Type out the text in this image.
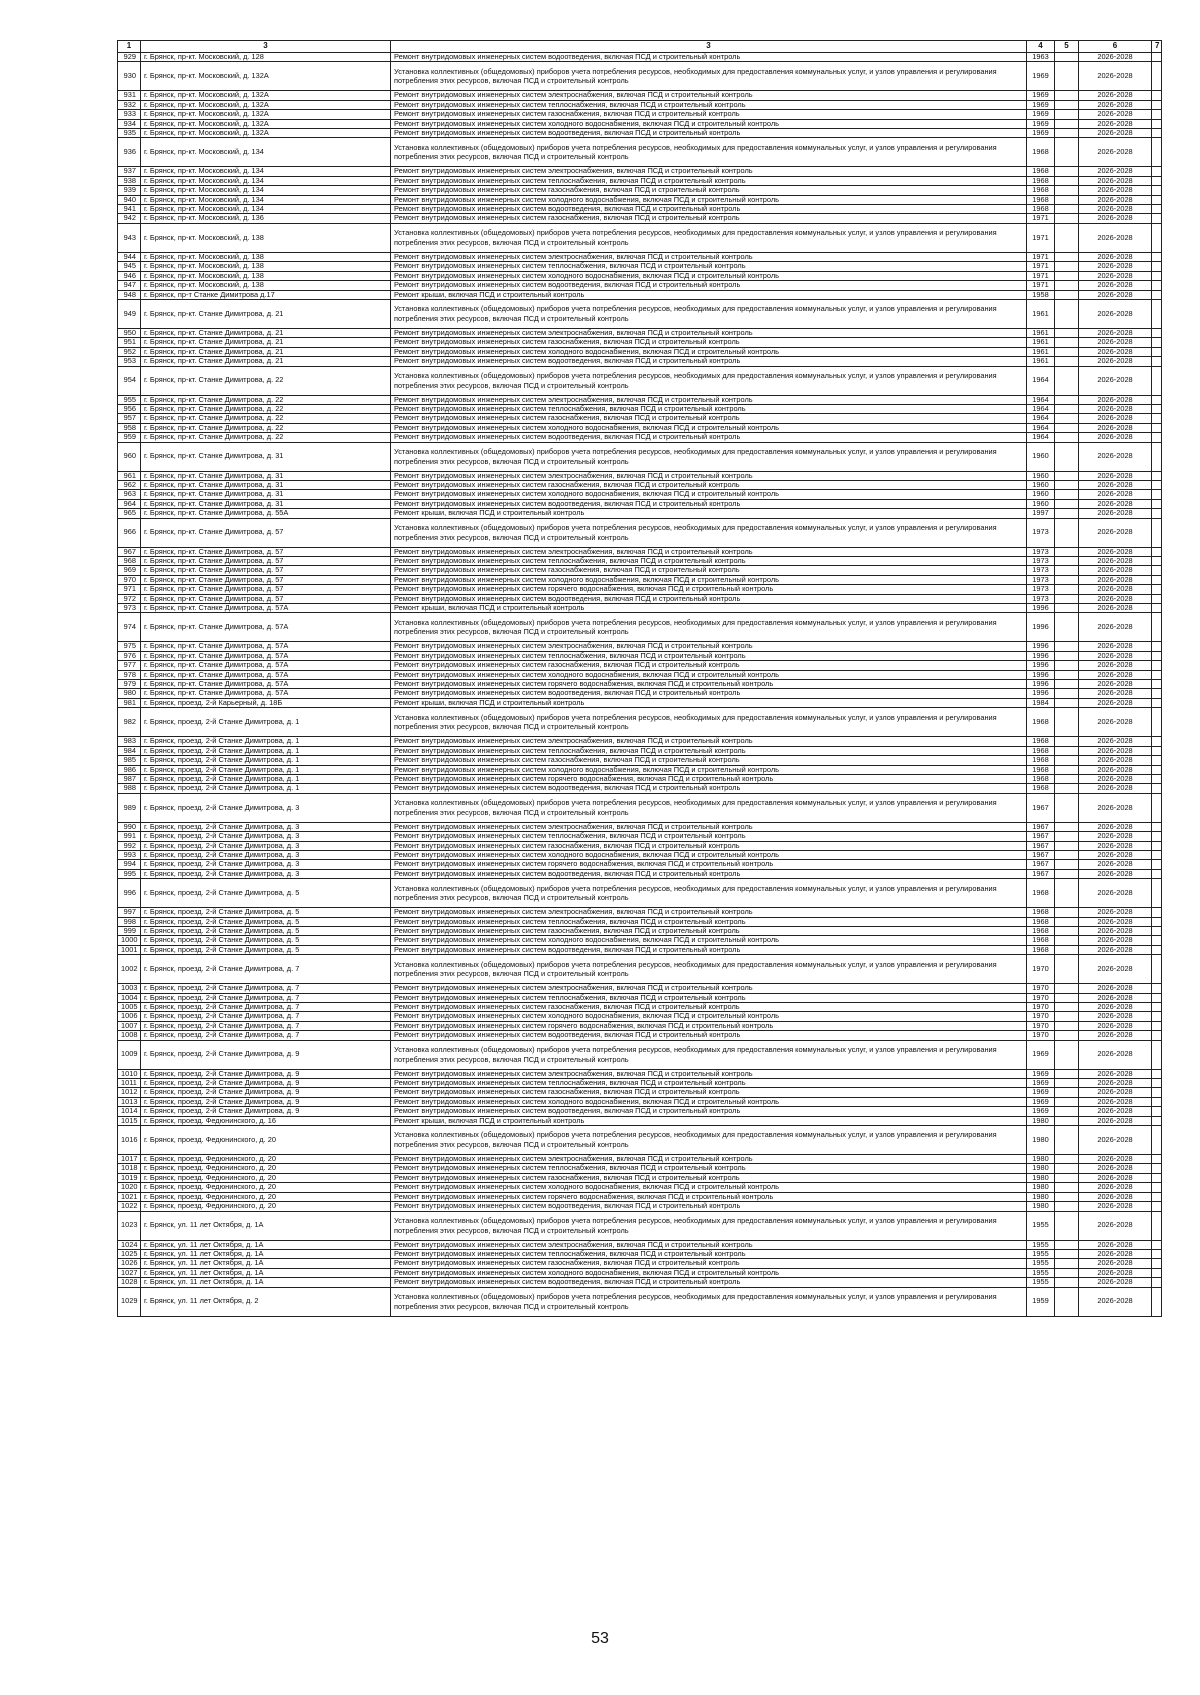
1	3	3	4	5	6	7
929	г. Брянск, пр-кт. Московский, д. 128	Ремонт внутридомовых инженерных систем водоотведения, включая ПСД и строительный контроль	1963		2026-2028	
930	г. Брянск, пр-кт. Московский, д. 132А	Установка коллективных (общедомовых) приборов учета потребления ресурсов, необходимых для предоставления коммунальных услуг, и узлов управления и регулирования потребления этих ресурсов, включая ПСД и строительный контроль	1969		2026-2028	
931	г. Брянск, пр-кт. Московский, д. 132А	Ремонт внутридомовых инженерных систем электроснабжения, включая ПСД и строительный контроль	1969		2026-2028	
932	г. Брянск, пр-кт. Московский, д. 132А	Ремонт внутридомовых инженерных систем теплоснабжения, включая ПСД и строительный контроль	1969		2026-2028	
933	г. Брянск, пр-кт. Московский, д. 132А	Ремонт внутридомовых инженерных систем газоснабжения, включая ПСД и строительный контроль	1969		2026-2028	
934	г. Брянск, пр-кт. Московский, д. 132А	Ремонт внутридомовых инженерных систем холодного водоснабжения, включая ПСД и строительный контроль	1969		2026-2028	
935	г. Брянск, пр-кт. Московский, д. 132А	Ремонт внутридомовых инженерных систем водоотведения, включая ПСД и строительный контроль	1969		2026-2028	
936	г. Брянск, пр-кт. Московский, д. 134	Установка коллективных (общедомовых) приборов учета потребления ресурсов, необходимых для предоставления коммунальных услуг, и узлов управления и регулирования потребления этих ресурсов, включая ПСД и строительный контроль	1968		2026-2028	
937	г. Брянск, пр-кт. Московский, д. 134	Ремонт внутридомовых инженерных систем электроснабжения, включая ПСД и строительный контроль	1968		2026-2028	
938	г. Брянск, пр-кт. Московский, д. 134	Ремонт внутридомовых инженерных систем теплоснабжения, включая ПСД и строительный контроль	1968		2026-2028	
939	г. Брянск, пр-кт. Московский, д. 134	Ремонт внутридомовых инженерных систем газоснабжения, включая ПСД и строительный контроль	1968		2026-2028	
940	г. Брянск, пр-кт. Московский, д. 134	Ремонт внутридомовых инженерных систем холодного водоснабжения, включая ПСД и строительный контроль	1968		2026-2028	
941	г. Брянск, пр-кт. Московский, д. 134	Ремонт внутридомовых инженерных систем водоотведения, включая ПСД и строительный контроль	1968		2026-2028	
942	г. Брянск, пр-кт. Московский, д. 136	Ремонт внутридомовых инженерных систем газоснабжения, включая ПСД и строительный контроль	1971		2026-2028	
943	г. Брянск, пр-кт. Московский, д. 138	Установка коллективных (общедомовых) приборов учета потребления ресурсов, необходимых для предоставления коммунальных услуг, и узлов управления и регулирования потребления этих ресурсов, включая ПСД и строительный контроль	1971		2026-2028	
944	г. Брянск, пр-кт. Московский, д. 138	Ремонт внутридомовых инженерных систем электроснабжения, включая ПСД и строительный контроль	1971		2026-2028	
945	г. Брянск, пр-кт. Московский, д. 138	Ремонт внутридомовых инженерных систем теплоснабжения, включая ПСД и строительный контроль	1971		2026-2028	
946	г. Брянск, пр-кт. Московский, д. 138	Ремонт внутридомовых инженерных систем холодного водоснабжения, включая ПСД и строительный контроль	1971		2026-2028	
947	г. Брянск, пр-кт. Московский, д. 138	Ремонт внутридомовых инженерных систем водоотведения, включая ПСД и строительный контроль	1971		2026-2028	
948	г. Брянск, пр-т Станке Димитрова д.17	Ремонт крыши, включая ПСД и строительный контроль	1958		2026-2028	
949	г. Брянск, пр-кт. Станке Димитрова, д. 21	Установка коллективных (общедомовых) приборов учета потребления ресурсов, необходимых для предоставления коммунальных услуг, и узлов управления и регулирования потребления этих ресурсов, включая ПСД и строительный контроль	1961		2026-2028	
950	г. Брянск, пр-кт. Станке Димитрова, д. 21	Ремонт внутридомовых инженерных систем электроснабжения, включая ПСД и строительный контроль	1961		2026-2028	
951	г. Брянск, пр-кт. Станке Димитрова, д. 21	Ремонт внутридомовых инженерных систем газоснабжения, включая ПСД и строительный контроль	1961		2026-2028	
952	г. Брянск, пр-кт. Станке Димитрова, д. 21	Ремонт внутридомовых инженерных систем холодного водоснабжения, включая ПСД и строительный контроль	1961		2026-2028	
953	г. Брянск, пр-кт. Станке Димитрова, д. 21	Ремонт внутридомовых инженерных систем водоотведения, включая ПСД и строительный контроль	1961		2026-2028	
954	г. Брянск, пр-кт. Станке Димитрова, д. 22	Установка коллективных (общедомовых) приборов учета потребления ресурсов, необходимых для предоставления коммунальных услуг, и узлов управления и регулирования потребления этих ресурсов, включая ПСД и строительный контроль	1964		2026-2028	
955	г. Брянск, пр-кт. Станке Димитрова, д. 22	Ремонт внутридомовых инженерных систем электроснабжения, включая ПСД и строительный контроль	1964		2026-2028	
956	г. Брянск, пр-кт. Станке Димитрова, д. 22	Ремонт внутридомовых инженерных систем теплоснабжения, включая ПСД и строительный контроль	1964		2026-2028	
957	г. Брянск, пр-кт. Станке Димитрова, д. 22	Ремонт внутридомовых инженерных систем газоснабжения, включая ПСД и строительный контроль	1964		2026-2028	
958	г. Брянск, пр-кт. Станке Димитрова, д. 22	Ремонт внутридомовых инженерных систем холодного водоснабжения, включая ПСД и строительный контроль	1964		2026-2028	
959	г. Брянск, пр-кт. Станке Димитрова, д. 22	Ремонт внутридомовых инженерных систем водоотведения, включая ПСД и строительный контроль	1964		2026-2028	
960	г. Брянск, пр-кт. Станке Димитрова, д. 31	Установка коллективных (общедомовых) приборов учета потребления ресурсов, необходимых для предоставления коммунальных услуг, и узлов управления и регулирования потребления этих ресурсов, включая ПСД и строительный контроль	1960		2026-2028	
961	г. Брянск, пр-кт. Станке Димитрова, д. 31	Ремонт внутридомовых инженерных систем электроснабжения, включая ПСД и строительный контроль	1960		2026-2028	
962	г. Брянск, пр-кт. Станке Димитрова, д. 31	Ремонт внутридомовых инженерных систем газоснабжения, включая ПСД и строительный контроль	1960		2026-2028	
963	г. Брянск, пр-кт. Станке Димитрова, д. 31	Ремонт внутридомовых инженерных систем холодного водоснабжения, включая ПСД и строительный контроль	1960		2026-2028	
964	г. Брянск, пр-кт. Станке Димитрова, д. 31	Ремонт внутридомовых инженерных систем водоотведения, включая ПСД и строительный контроль	1960		2026-2028	
965	г. Брянск, пр-кт. Станке Димитрова, д. 55А	Ремонт крыши, включая ПСД и строительный контроль	1997		2026-2028	
966	г. Брянск, пр-кт. Станке Димитрова, д. 57	Установка коллективных (общедомовых) приборов учета потребления ресурсов, необходимых для предоставления коммунальных услуг, и узлов управления и регулирования потребления этих ресурсов, включая ПСД и строительный контроль	1973		2026-2028	
967	г. Брянск, пр-кт. Станке Димитрова, д. 57	Ремонт внутридомовых инженерных систем электроснабжения, включая ПСД и строительный контроль	1973		2026-2028	
968	г. Брянск, пр-кт. Станке Димитрова, д. 57	Ремонт внутридомовых инженерных систем теплоснабжения, включая ПСД и строительный контроль	1973		2026-2028	
969	г. Брянск, пр-кт. Станке Димитрова, д. 57	Ремонт внутридомовых инженерных систем газоснабжения, включая ПСД и строительный контроль	1973		2026-2028	
970	г. Брянск, пр-кт. Станке Димитрова, д. 57	Ремонт внутридомовых инженерных систем холодного водоснабжения, включая ПСД и строительный контроль	1973		2026-2028	
971	г. Брянск, пр-кт. Станке Димитрова, д. 57	Ремонт внутридомовых инженерных систем горячего водоснабжения, включая ПСД и строительный контроль	1973		2026-2028	
972	г. Брянск, пр-кт. Станке Димитрова, д. 57	Ремонт внутридомовых инженерных систем водоотведения, включая ПСД и строительный контроль	1973		2026-2028	
973	г. Брянск, пр-кт. Станке Димитрова, д. 57А	Ремонт крыши, включая ПСД и строительный контроль	1996		2026-2028	
974	г. Брянск, пр-кт. Станке Димитрова, д. 57А	Установка коллективных (общедомовых) приборов учета потребления ресурсов, необходимых для предоставления коммунальных услуг, и узлов управления и регулирования потребления этих ресурсов, включая ПСД и строительный контроль	1996		2026-2028	
975	г. Брянск, пр-кт. Станке Димитрова, д. 57А	Ремонт внутридомовых инженерных систем электроснабжения, включая ПСД и строительный контроль	1996		2026-2028	
976	г. Брянск, пр-кт. Станке Димитрова, д. 57А	Ремонт внутридомовых инженерных систем теплоснабжения, включая ПСД и строительный контроль	1996		2026-2028	
977	г. Брянск, пр-кт. Станке Димитрова, д. 57А	Ремонт внутридомовых инженерных систем газоснабжения, включая ПСД и строительный контроль	1996		2026-2028	
978	г. Брянск, пр-кт. Станке Димитрова, д. 57А	Ремонт внутридомовых инженерных систем холодного водоснабжения, включая ПСД и строительный контроль	1996		2026-2028	
979	г. Брянск, пр-кт. Станке Димитрова, д. 57А	Ремонт внутридомовых инженерных систем горячего водоснабжения, включая ПСД и строительный контроль	1996		2026-2028	
980	г. Брянск, пр-кт. Станке Димитрова, д. 57А	Ремонт внутридомовых инженерных систем водоотведения, включая ПСД и строительный контроль	1996		2026-2028	
981	г. Брянск, проезд. 2-й Карьерный, д. 18Б	Ремонт крыши, включая ПСД и строительный контроль	1984		2026-2028	
982	г. Брянск, проезд. 2-й Станке Димитрова, д. 1	Установка коллективных (общедомовых) приборов учета потребления ресурсов, необходимых для предоставления коммунальных услуг, и узлов управления и регулирования потребления этих ресурсов, включая ПСД и строительный контроль	1968		2026-2028	
983	г. Брянск, проезд. 2-й Станке Димитрова, д. 1	Ремонт внутридомовых инженерных систем электроснабжения, включая ПСД и строительный контроль	1968		2026-2028	
984	г. Брянск, проезд. 2-й Станке Димитрова, д. 1	Ремонт внутридомовых инженерных систем теплоснабжения, включая ПСД и строительный контроль	1968		2026-2028	
985	г. Брянск, проезд. 2-й Станке Димитрова, д. 1	Ремонт внутридомовых инженерных систем газоснабжения, включая ПСД и строительный контроль	1968		2026-2028	
986	г. Брянск, проезд. 2-й Станке Димитрова, д. 1	Ремонт внутридомовых инженерных систем холодного водоснабжения, включая ПСД и строительный контроль	1968		2026-2028	
987	г. Брянск, проезд. 2-й Станке Димитрова, д. 1	Ремонт внутридомовых инженерных систем горячего водоснабжения, включая ПСД и строительный контроль	1968		2026-2028	
988	г. Брянск, проезд. 2-й Станке Димитрова, д. 1	Ремонт внутридомовых инженерных систем водоотведения, включая ПСД и строительный контроль	1968		2026-2028	
989	г. Брянск, проезд. 2-й Станке Димитрова, д. 3	Установка коллективных (общедомовых) приборов учета потребления ресурсов, необходимых для предоставления коммунальных услуг, и узлов управления и регулирования потребления этих ресурсов, включая ПСД и строительный контроль	1967		2026-2028	
990	г. Брянск, проезд. 2-й Станке Димитрова, д. 3	Ремонт внутридомовых инженерных систем электроснабжения, включая ПСД и строительный контроль	1967		2026-2028	
991	г. Брянск, проезд. 2-й Станке Димитрова, д. 3	Ремонт внутридомовых инженерных систем теплоснабжения, включая ПСД и строительный контроль	1967		2026-2028	
992	г. Брянск, проезд. 2-й Станке Димитрова, д. 3	Ремонт внутридомовых инженерных систем газоснабжения, включая ПСД и строительный контроль	1967		2026-2028	
993	г. Брянск, проезд. 2-й Станке Димитрова, д. 3	Ремонт внутридомовых инженерных систем холодного водоснабжения, включая ПСД и строительный контроль	1967		2026-2028	
994	г. Брянск, проезд. 2-й Станке Димитрова, д. 3	Ремонт внутридомовых инженерных систем горячего водоснабжения, включая ПСД и строительный контроль	1967		2026-2028	
995	г. Брянск, проезд. 2-й Станке Димитрова, д. 3	Ремонт внутридомовых инженерных систем водоотведения, включая ПСД и строительный контроль	1967		2026-2028	
996	г. Брянск, проезд. 2-й Станке Димитрова, д. 5	Установка коллективных (общедомовых) приборов учета потребления ресурсов, необходимых для предоставления коммунальных услуг, и узлов управления и регулирования потребления этих ресурсов, включая ПСД и строительный контроль	1968		2026-2028	
997	г. Брянск, проезд. 2-й Станке Димитрова, д. 5	Ремонт внутридомовых инженерных систем электроснабжения, включая ПСД и строительный контроль	1968		2026-2028	
998	г. Брянск, проезд. 2-й Станке Димитрова, д. 5	Ремонт внутридомовых инженерных систем теплоснабжения, включая ПСД и строительный контроль	1968		2026-2028	
999	г. Брянск, проезд. 2-й Станке Димитрова, д. 5	Ремонт внутридомовых инженерных систем газоснабжения, включая ПСД и строительный контроль	1968		2026-2028	
1000	г. Брянск, проезд. 2-й Станке Димитрова, д. 5	Ремонт внутридомовых инженерных систем холодного водоснабжения, включая ПСД и строительный контроль	1968		2026-2028	
1001	г. Брянск, проезд. 2-й Станке Димитрова, д. 5	Ремонт внутридомовых инженерных систем водоотведения, включая ПСД и строительный контроль	1968		2026-2028	
1002	г. Брянск, проезд. 2-й Станке Димитрова, д. 7	Установка коллективных (общедомовых) приборов учета потребления ресурсов, необходимых для предоставления коммунальных услуг, и узлов управления и регулирования потребления этих ресурсов, включая ПСД и строительный контроль	1970		2026-2028	
1003	г. Брянск, проезд. 2-й Станке Димитрова, д. 7	Ремонт внутридомовых инженерных систем электроснабжения, включая ПСД и строительный контроль	1970		2026-2028	
1004	г. Брянск, проезд. 2-й Станке Димитрова, д. 7	Ремонт внутридомовых инженерных систем теплоснабжения, включая ПСД и строительный контроль	1970		2026-2028	
1005	г. Брянск, проезд. 2-й Станке Димитрова, д. 7	Ремонт внутридомовых инженерных систем газоснабжения, включая ПСД и строительный контроль	1970		2026-2028	
1006	г. Брянск, проезд. 2-й Станке Димитрова, д. 7	Ремонт внутридомовых инженерных систем холодного водоснабжения, включая ПСД и строительный контроль	1970		2026-2028	
1007	г. Брянск, проезд. 2-й Станке Димитрова, д. 7	Ремонт внутридомовых инженерных систем горячего водоснабжения, включая ПСД и строительный контроль	1970		2026-2028	
1008	г. Брянск, проезд. 2-й Станке Димитрова, д. 7	Ремонт внутридомовых инженерных систем водоотведения, включая ПСД и строительный контроль	1970		2026-2028	
1009	г. Брянск, проезд. 2-й Станке Димитрова, д. 9	Установка коллективных (общедомовых) приборов учета потребления ресурсов, необходимых для предоставления коммунальных услуг, и узлов управления и регулирования потребления этих ресурсов, включая ПСД и строительный контроль	1969		2026-2028	
1010	г. Брянск, проезд. 2-й Станке Димитрова, д. 9	Ремонт внутридомовых инженерных систем электроснабжения, включая ПСД и строительный контроль	1969		2026-2028	
1011	г. Брянск, проезд. 2-й Станке Димитрова, д. 9	Ремонт внутридомовых инженерных систем теплоснабжения, включая ПСД и строительный контроль	1969		2026-2028	
1012	г. Брянск, проезд. 2-й Станке Димитрова, д. 9	Ремонт внутридомовых инженерных систем газоснабжения, включая ПСД и строительный контроль	1969		2026-2028	
1013	г. Брянск, проезд. 2-й Станке Димитрова, д. 9	Ремонт внутридомовых инженерных систем холодного водоснабжения, включая ПСД и строительный контроль	1969		2026-2028	
1014	г. Брянск, проезд. 2-й Станке Димитрова, д. 9	Ремонт внутридомовых инженерных систем водоотведения, включая ПСД и строительный контроль	1969		2026-2028	
1015	г. Брянск, проезд. Федюнинского, д. 16	Ремонт крыши, включая ПСД и строительный контроль	1980		2026-2028	
1016	г. Брянск, проезд. Федюнинского, д. 20	Установка коллективных (общедомовых) приборов учета потребления ресурсов, необходимых для предоставления коммунальных услуг, и узлов управления и регулирования потребления этих ресурсов, включая ПСД и строительный контроль	1980		2026-2028	
1017	г. Брянск, проезд. Федюнинского, д. 20	Ремонт внутридомовых инженерных систем электроснабжения, включая ПСД и строительный контроль	1980		2026-2028	
1018	г. Брянск, проезд. Федюнинского, д. 20	Ремонт внутридомовых инженерных систем теплоснабжения, включая ПСД и строительный контроль	1980		2026-2028	
1019	г. Брянск, проезд. Федюнинского, д. 20	Ремонт внутридомовых инженерных систем газоснабжения, включая ПСД и строительный контроль	1980		2026-2028	
1020	г. Брянск, проезд. Федюнинского, д. 20	Ремонт внутридомовых инженерных систем холодного водоснабжения, включая ПСД и строительный контроль	1980		2026-2028	
1021	г. Брянск, проезд. Федюнинского, д. 20	Ремонт внутридомовых инженерных систем горячего водоснабжения, включая ПСД и строительный контроль	1980		2026-2028	
1022	г. Брянск, проезд. Федюнинского, д. 20	Ремонт внутридомовых инженерных систем водоотведения, включая ПСД и строительный контроль	1980		2026-2028	
1023	г. Брянск, ул. 11 лет Октября, д. 1А	Установка коллективных (общедомовых) приборов учета потребления ресурсов, необходимых для предоставления коммунальных услуг, и узлов управления и регулирования потребления этих ресурсов, включая ПСД и строительный контроль	1955		2026-2028	
1024	г. Брянск, ул. 11 лет Октября, д. 1А	Ремонт внутридомовых инженерных систем электроснабжения, включая ПСД и строительный контроль	1955		2026-2028	
1025	г. Брянск, ул. 11 лет Октября, д. 1А	Ремонт внутридомовых инженерных систем теплоснабжения, включая ПСД и строительный контроль	1955		2026-2028	
1026	г. Брянск, ул. 11 лет Октября, д. 1А	Ремонт внутридомовых инженерных систем газоснабжения, включая ПСД и строительный контроль	1955		2026-2028	
1027	г. Брянск, ул. 11 лет Октября, д. 1А	Ремонт внутридомовых инженерных систем холодного водоснабжения, включая ПСД и строительный контроль	1955		2026-2028	
1028	г. Брянск, ул. 11 лет Октября, д. 1А	Ремонт внутридомовых инженерных систем водоотведения, включая ПСД и строительный контроль	1955		2026-2028	
1029	г. Брянск, ул. 11 лет Октября, д. 2	Установка коллективных (общедомовых) приборов учета потребления ресурсов, необходимых для предоставления коммунальных услуг, и узлов управления и регулирования потребления этих ресурсов, включая ПСД и строительный контроль	1959		2026-2028	
53
